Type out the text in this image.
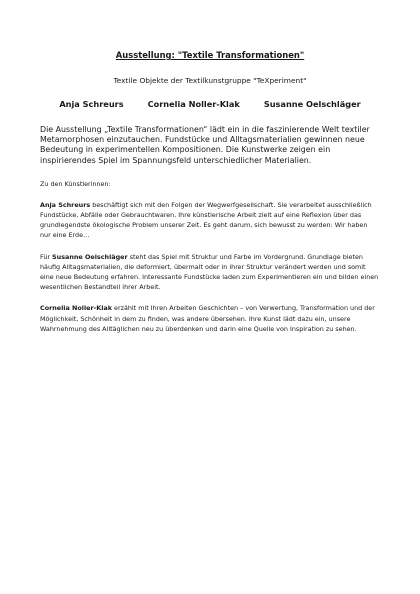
Ausstellung: "Textile Transformationen"
Textile Objekte der Textilkunstgruppe "TeXperiment"
Anja Schreurs	Cornelia Noller-Klak	Susanne Oelschläger

Die Ausstellung „Textile Transformationen“ lädt ein in die faszinierende Welt textiler Metamorphosen einzutauchen. Fundstücke und Alltagsmaterialien gewinnen neue Bedeutung in experimentellen Kompositionen. Die Kunstwerke zeigen ein inspirierendes Spiel im Spannungsfeld unterschiedlicher Materialien.

Zu den Künstlerinnen:

Anja Schreurs beschäftigt sich mit den Folgen der Wegwerfgesellschaft. Sie verarbeitet ausschließlich Fundstücke, Abfälle oder Gebrauchtwaren. Ihre künstlerische Arbeit zielt auf eine Reflexion über das grundlegendste ökologische Problem unserer Zeit. Es geht darum, sich bewusst zu werden: Wir haben nur eine Erde…

Für Susanne Oelschläger steht das Spiel mit Struktur und Farbe im Vordergrund. Grundlage bieten häufig Alltagsmaterialien, die deformiert, übermalt oder in ihrer Struktur verändert werden und somit eine neue Bedeutung erfahren. Interessante Fundstücke laden zum Experimentieren ein und bilden einen wesentlichen Bestandteil ihrer Arbeit.

Cornelia Noller-Klak erzählt mit Ihren Arbeiten Geschichten – von Verwertung, Transformation und der Möglichkeit, Schönheit in dem zu finden, was andere übersehen. Ihre Kunst lädt dazu ein, unsere Wahrnehmung des Alltäglichen neu zu überdenken und darin eine Quelle von Inspiration zu sehen.
